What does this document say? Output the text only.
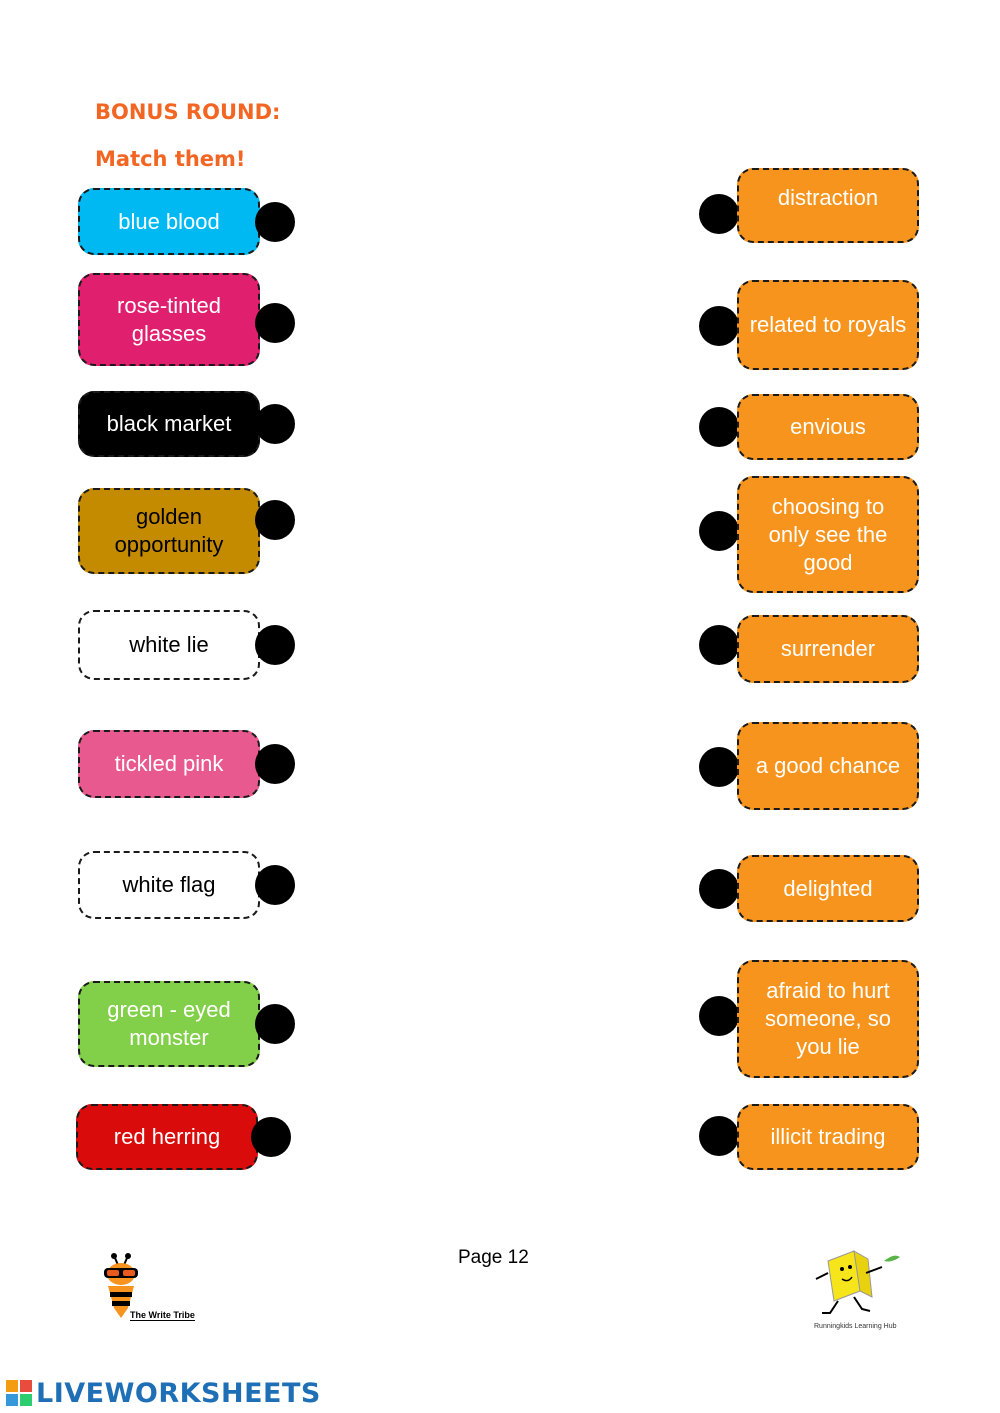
BONUS ROUND:
Match them!
blue blood
rose-tinted glasses
black market
golden opportunity
white lie
tickled pink
white flag
green - eyed monster
red herring
distraction
related to royals
envious
choosing to only see the good
surrender
a good chance
delighted
afraid to hurt someone, so you lie
illicit trading
Page 12
The Write Tribe
Runningkids Learning Hub
LIVEWORKSHEETS
